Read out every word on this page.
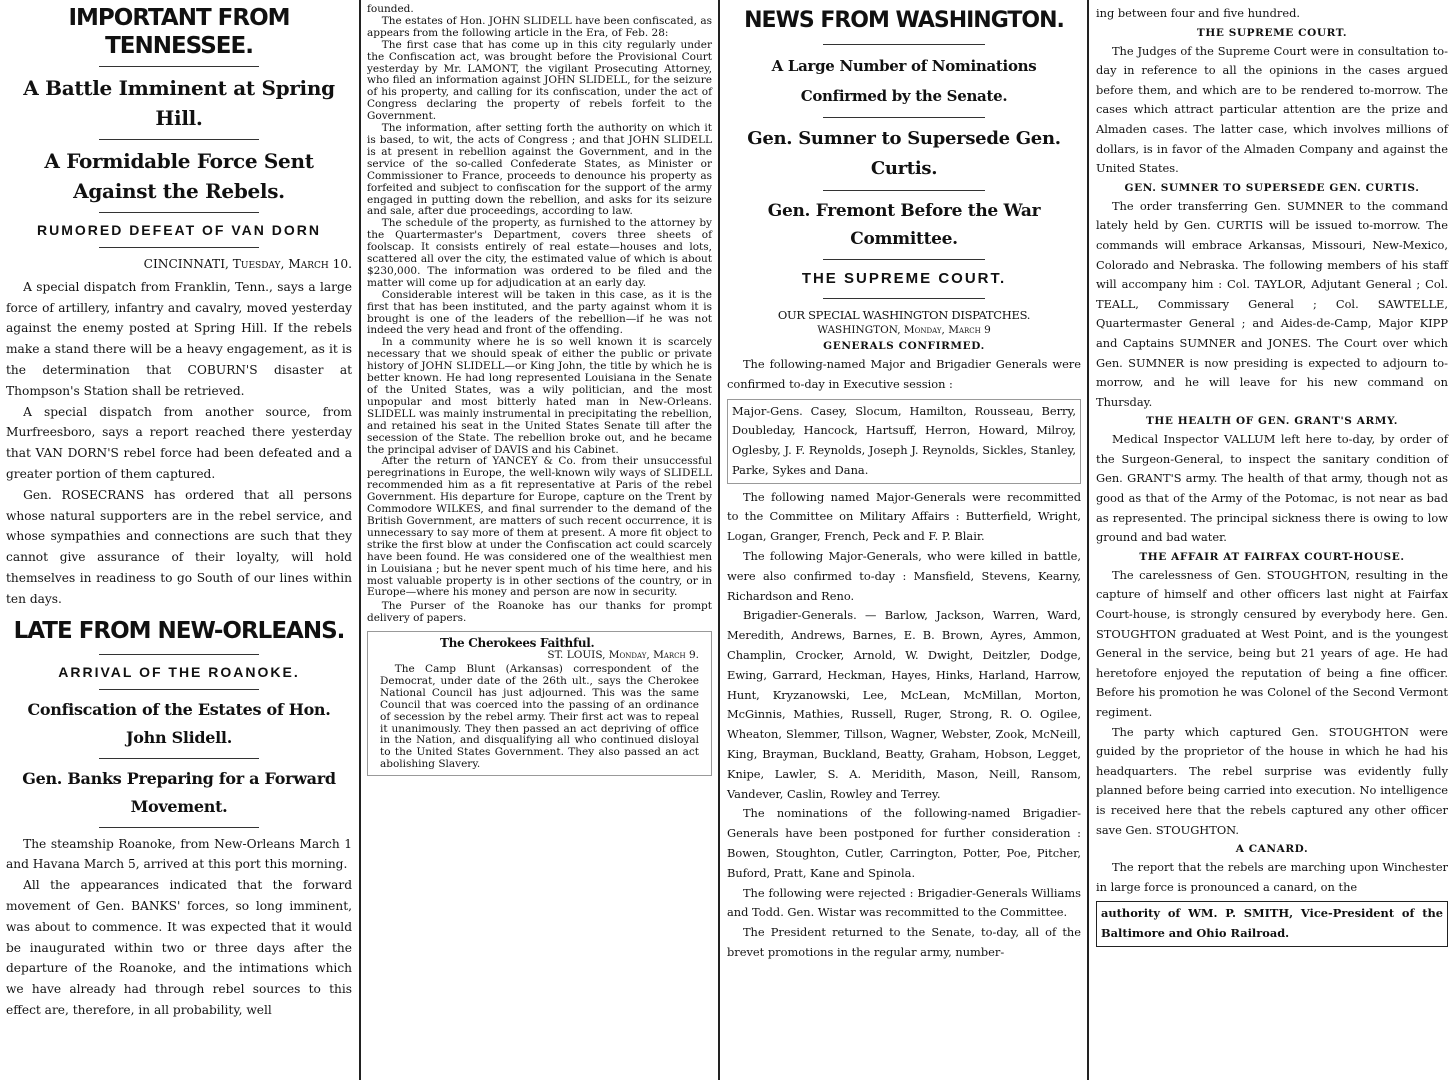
IMPORTANT FROM TENNESSEE.
A Battle Imminent at Spring Hill.
A Formidable Force Sent Against the Rebels.
RUMORED DEFEAT OF VAN DORN
CINCINNATI, Tuesday, March 10.

A special dispatch from Franklin, Tenn., says a large force of artillery, infantry and cavalry, moved yesterday against the enemy posted at Spring Hill. If the rebels make a stand there will be a heavy engagement, as it is the determination that COBURN'S disaster at Thompson's Station shall be retrieved.

A special dispatch from another source, from Murfreesboro, says a report reached there yesterday that VAN DORN'S rebel force had been defeated and a greater portion of them captured.

Gen. ROSECRANS has ordered that all persons whose natural supporters are in the rebel service, and whose sympathies and connections are such that they cannot give assurance of their loyalty, will hold themselves in readiness to go South of our lines within ten days.

LATE FROM NEW-ORLEANS.
ARRIVAL OF THE ROANOKE.
Confiscation of the Estates of Hon. John Slidell.
Gen. Banks Preparing for a Forward Movement.

The steamship Roanoke, from New-Orleans March 1 and Havana March 5, arrived at this port this morning.

All the appearances indicated that the forward movement of Gen. BANKS' forces, so long imminent, was about to commence. It was expected that it would be inaugurated within two or three days after the departure of the Roanoke, and the intimations which we have already had through rebel sources to this effect are, therefore, in all probability, well

founded.

The estates of Hon. JOHN SLIDELL have been confiscated, as appears from the following article in the Era, of Feb. 28:

The first case that has come up in this city regularly under the Confiscation act, was brought before the Provisional Court yesterday by Mr. LAMONT, the vigilant Prosecuting Attorney, who filed an information against JOHN SLIDELL, for the seizure of his property, and calling for its confiscation, under the act of Congress declaring the property of rebels forfeit to the Government.

The information, after setting forth the authority on which it is based, to wit, the acts of Congress ; and that JOHN SLIDELL is at present in rebellion against the Government, and in the service of the so-called Confederate States, as Minister or Commissioner to France, proceeds to denounce his property as forfeited and subject to confiscation for the support of the army engaged in putting down the rebellion, and asks for its seizure and sale, after due proceedings, according to law.

The schedule of the property, as furnished to the attorney by the Quartermaster's Department, covers three sheets of foolscap. It consists entirely of real estate—houses and lots, scattered all over the city, the estimated value of which is about $230,000. The information was ordered to be filed and the matter will come up for adjudication at an early day.

Considerable interest will be taken in this case, as it is the first that has been instituted, and the party against whom it is brought is one of the leaders of the rebellion—if he was not indeed the very head and front of the offending.

In a community where he is so well known it is scarcely necessary that we should speak of either the public or private history of JOHN SLIDELL—or King John, the title by which he is better known. He had long represented Louisiana in the Senate of the United States, was a wily politician, and the most unpopular and most bitterly hated man in New-Orleans. SLIDELL was mainly instrumental in precipitating the rebellion, and retained his seat in the United States Senate till after the secession of the State. The rebellion broke out, and he became the principal adviser of DAVIS and his Cabinet.

After the return of YANCEY & Co. from their unsuccessful peregrinations in Europe, the well-known wily ways of SLIDELL recommended him as a fit representative at Paris of the rebel Government. His departure for Europe, capture on the Trent by Commodore WILKES, and final surrender to the demand of the British Government, are matters of such recent occurrence, it is unnecessary to say more of them at present. A more fit object to strike the first blow at under the Confiscation act could scarcely have been found. He was considered one of the wealthiest men in Louisiana ; but he never spent much of his time here, and his most valuable property is in other sections of the country, or in Europe—where his money and person are now in security.

The Purser of the Roanoke has our thanks for prompt delivery of papers.

The Cherokees Faithful.
ST. LOUIS, Monday, March 9.

The Camp Blunt (Arkansas) correspondent of the Democrat, under date of the 26th ult., says the Cherokee National Council has just adjourned. This was the same Council that was coerced into the passing of an ordinance of secession by the rebel army. Their first act was to repeal it unanimously. They then passed an act depriving of office in the Nation, and disqualifying all who continued disloyal to the United States Government. They also passed an act abolishing Slavery.

NEWS FROM WASHINGTON.
A Large Number of Nominations Confirmed by the Senate.
Gen. Sumner to Supersede Gen. Curtis.
Gen. Fremont Before the War Committee.
THE SUPREME COURT.
OUR SPECIAL WASHINGTON DISPATCHES.
WASHINGTON, Monday, March 9
GENERALS CONFIRMED.

The following-named Major and Brigadier Generals were confirmed to-day in Executive session :

Major-Gens. Casey, Slocum, Hamilton, Rousseau, Berry, Doubleday, Hancock, Hartsuff, Herron, Howard, Milroy, Oglesby, J. F. Reynolds, Joseph J. Reynolds, Sickles, Stanley, Parke, Sykes and Dana.

The following named Major-Generals were recommitted to the Committee on Military Affairs : Butterfield, Wright, Logan, Granger, French, Peck and F. P. Blair.

The following Major-Generals, who were killed in battle, were also confirmed to-day : Mansfield, Stevens, Kearny, Richardson and Reno.

Brigadier-Generals. — Barlow, Jackson, Warren, Ward, Meredith, Andrews, Barnes, E. B. Brown, Ayres, Ammon, Champlin, Crocker, Arnold, W. Dwight, Deitzler, Dodge, Ewing, Garrard, Heckman, Hayes, Hinks, Harland, Harrow, Hunt, Kryzanowski, Lee, McLean, McMillan, Morton, McGinnis, Mathies, Russell, Ruger, Strong, R. O. Ogilee, Wheaton, Slemmer, Tillson, Wagner, Webster, Zook, McNeill, King, Brayman, Buckland, Beatty, Graham, Hobson, Legget, Knipe, Lawler, S. A. Meridith, Mason, Neill, Ransom, Vandever, Caslin, Rowley and Terrey.

The nominations of the following-named Brigadier-Generals have been postponed for further consideration : Bowen, Stoughton, Cutler, Carrington, Potter, Poe, Pitcher, Buford, Pratt, Kane and Spinola.

The following were rejected : Brigadier-Generals Williams and Todd. Gen. Wistar was recommitted to the Committee.

The President returned to the Senate, to-day, all of the brevet promotions in the regular army, number-

ing between four and five hundred.

THE SUPREME COURT.

The Judges of the Supreme Court were in consultation to-day in reference to all the opinions in the cases argued before them, and which are to be rendered to-morrow. The cases which attract particular attention are the prize and Almaden cases. The latter case, which involves millions of dollars, is in favor of the Almaden Company and against the United States.

GEN. SUMNER TO SUPERSEDE GEN. CURTIS.

The order transferring Gen. SUMNER to the command lately held by Gen. CURTIS will be issued to-morrow. The commands will embrace Arkansas, Missouri, New-Mexico, Colorado and Nebraska. The following members of his staff will accompany him : Col. TAYLOR, Adjutant General ; Col. TEALL, Commissary General ; Col. SAWTELLE, Quartermaster General ; and Aides-de-Camp, Major KIPP and Captains SUMNER and JONES. The Court over which Gen. SUMNER is now presiding is expected to adjourn to-morrow, and he will leave for his new command on Thursday.

THE HEALTH OF GEN. GRANT'S ARMY.

Medical Inspector VALLUM left here to-day, by order of the Surgeon-General, to inspect the sanitary condition of Gen. GRANT'S army. The health of that army, though not as good as that of the Army of the Potomac, is not near as bad as represented. The principal sickness there is owing to low ground and bad water.

THE AFFAIR AT FAIRFAX COURT-HOUSE.

The carelessness of Gen. STOUGHTON, resulting in the capture of himself and other officers last night at Fairfax Court-house, is strongly censured by everybody here. Gen. STOUGHTON graduated at West Point, and is the youngest General in the service, being but 21 years of age. He had heretofore enjoyed the reputation of being a fine officer. Before his promotion he was Colonel of the Second Vermont regiment.

The party which captured Gen. STOUGHTON were guided by the proprietor of the house in which he had his headquarters. The rebel surprise was evidently fully planned before being carried into execution. No intelligence is received here that the rebels captured any other officer save Gen. STOUGHTON.

A CANARD.

The report that the rebels are marching upon Winchester in large force is pronounced a canard, on the

authority of WM. P. SMITH, Vice-President of the Baltimore and Ohio Railroad.
